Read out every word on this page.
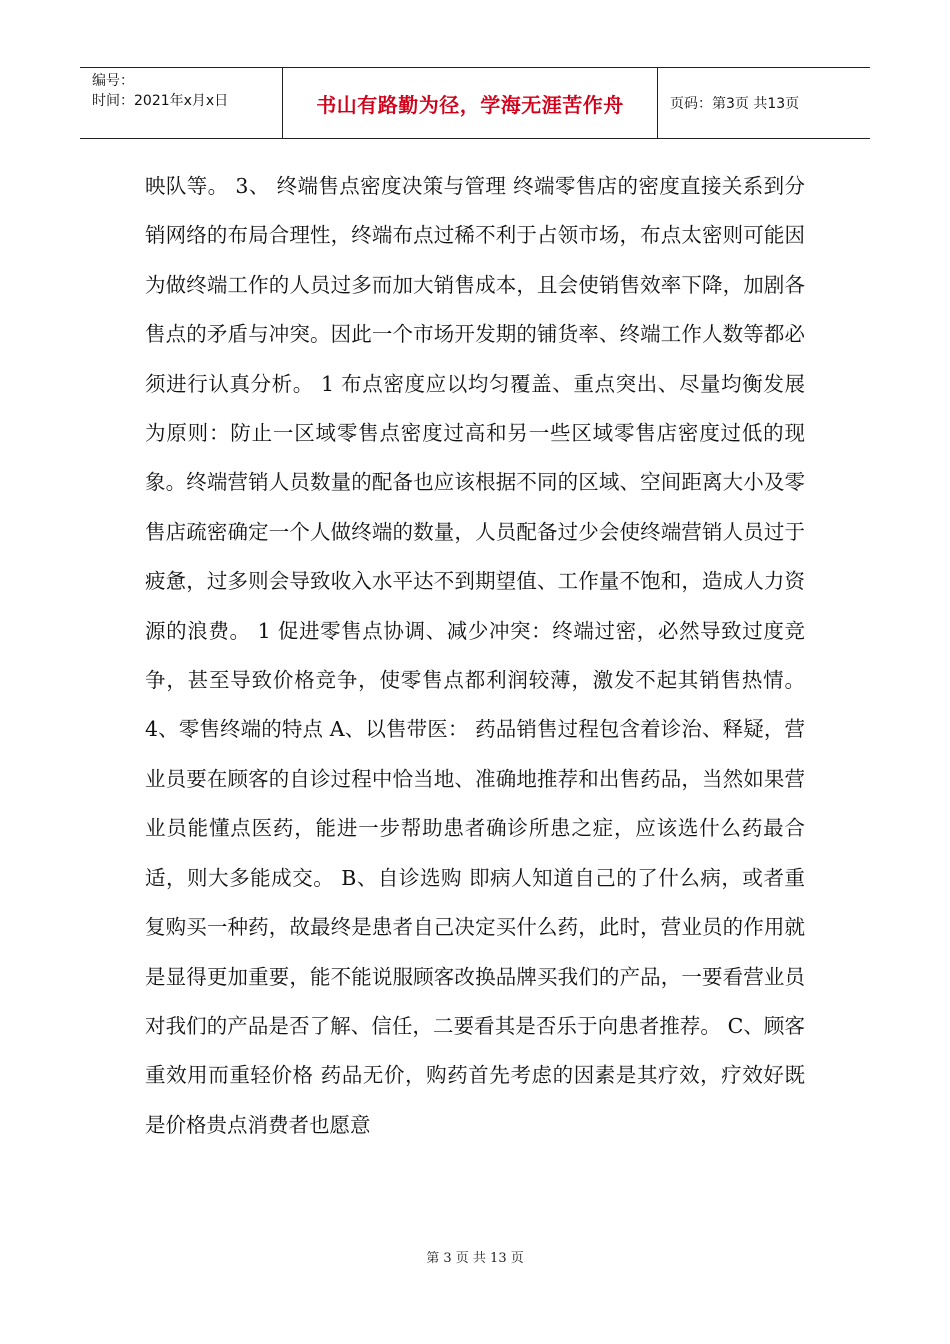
编号：
时间：2021年x月x日	书山有路勤为径，学海无涯苦作舟	页码：第3页 共13页
映队等。 3、 终端售点密度决策与管理 终端零售店的密度直接关系到分销网络的布局合理性，终端布点过稀不利于占领市场，布点太密则可能因为做终端工作的人员过多而加大销售成本，且会使销售效率下降，加剧各售点的矛盾与冲突。因此一个市场开发期的铺货率、终端工作人数等都必须进行认真分析。 1 布点密度应以均匀覆盖、重点突出、尽量均衡发展为原则：防止一区域零售点密度过高和另一些区域零售店密度过低的现象。终端营销人员数量的配备也应该根据不同的区域、空间距离大小及零售店疏密确定一个人做终端的数量，人员配备过少会使终端营销人员过于疲惫，过多则会导致收入水平达不到期望值、工作量不饱和，造成人力资源的浪费。 1 促进零售点协调、减少冲突：终端过密，必然导致过度竞争，甚至导致价格竞争，使零售点都利润较薄，激发不起其销售热情。4、零售终端的特点 A、以售带医： 药品销售过程包含着诊治、释疑，营业员要在顾客的自诊过程中恰当地、准确地推荐和出售药品，当然如果营业员能懂点医药，能进一步帮助患者确诊所患之症，应该选什么药最合适，则大多能成交。 B、自诊选购 即病人知道自己的了什么病，或者重复购买一种药，故最终是患者自己决定买什么药，此时，营业员的作用就是显得更加重要，能不能说服顾客改换品牌买我们的产品，一要看营业员对我们的产品是否了解、信任，二要看其是否乐于向患者推荐。 C、顾客重效用而重轻价格 药品无价，购药首先考虑的因素是其疗效，疗效好既是价格贵点消费者也愿意
第 3 页 共 13 页
